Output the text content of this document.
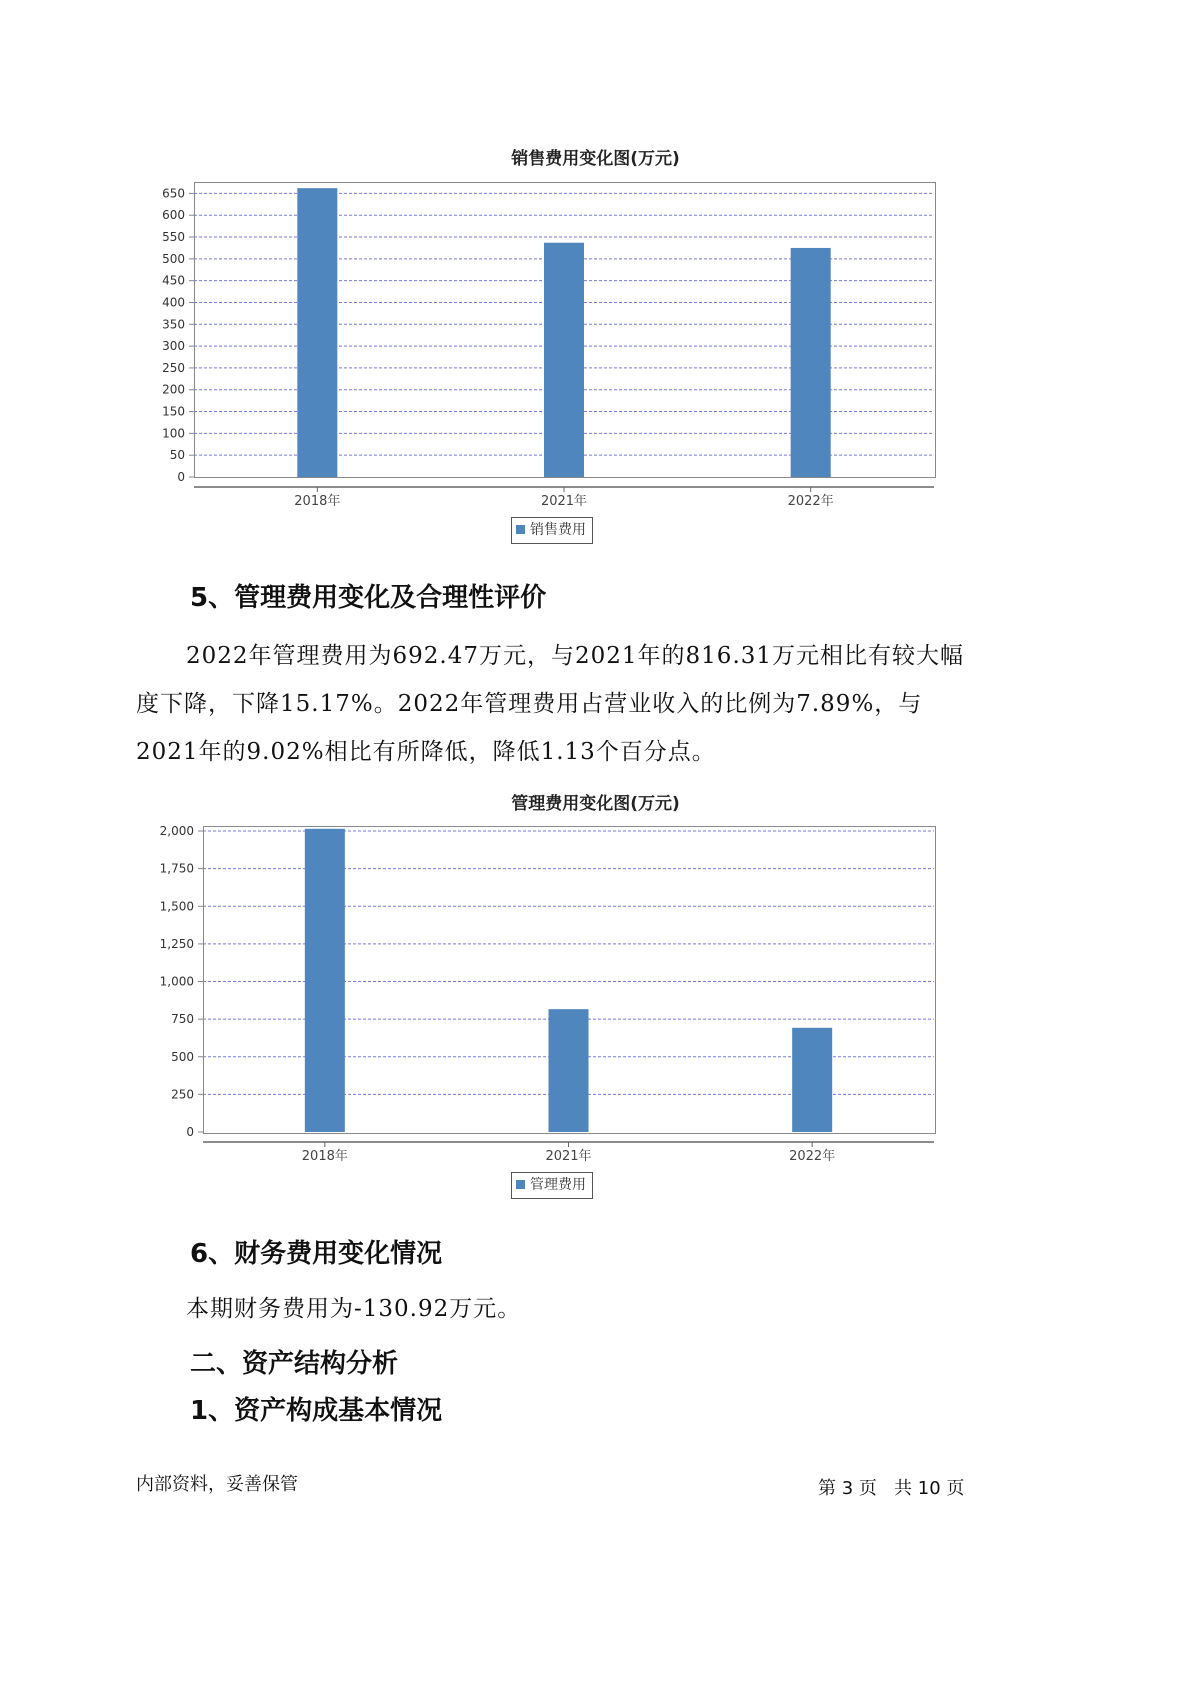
销售费用变化图(万元)
0
50
100
150
200
250
300
350
400
450
500
550
600
650
2018年	2021年	2022年
销售费用
5、管理费用变化及合理性评价

2022年管理费用为692.47万元，与2021年的816.31万元相比有较大幅度下降，下降15.17%。2022年管理费用占营业收入的比例为7.89%，与2021年的9.02%相比有所降低，降低1.13个百分点。

管理费用变化图(万元)
0
250
500
750
1,000
1,250
1,500
1,750
2,000
2018年	2021年	2022年
管理费用
6、财务费用变化情况

本期财务费用为-130.92万元。

二、资产结构分析
1、资产构成基本情况
内部资料，妥善保管	第 3 页   共 10 页
